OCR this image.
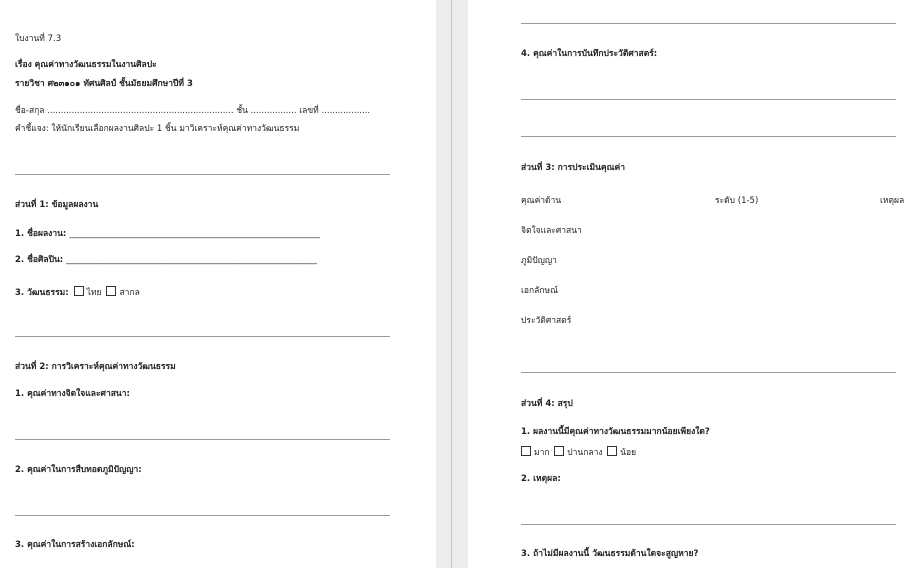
ใบงานที่ 7.3
เรื่อง คุณค่าทางวัฒนธรรมในงานศิลปะ
รายวิชา ศ๒๓๑๐๑ ทัศนศิลป์ ชั้นมัธยมศึกษาปีที่ 3
ชื่อ-สกุล ..................................................................... ชั้น ................. เลขที่ ..................
คำชี้แจง: ให้นักเรียนเลือกผลงานศิลปะ 1 ชิ้น มาวิเคราะห์คุณค่าทางวัฒนธรรม
ส่วนที่ 1: ข้อมูลผลงาน
1. ชื่อผลงาน: ___________________________________________________________
2. ชื่อศิลปิน: ___________________________________________________________
3. วัฒนธรรม: ไทย สากล
ส่วนที่ 2: การวิเคราะห์คุณค่าทางวัฒนธรรม
1. คุณค่าทางจิตใจและศาสนา:
2. คุณค่าในการสืบทอดภูมิปัญญา:
3. คุณค่าในการสร้างเอกลักษณ์:
4. คุณค่าในการบันทึกประวัติศาสตร์:
ส่วนที่ 3: การประเมินคุณค่า
คุณค่าด้าน	ระดับ (1-5)	เหตุผล
จิตใจและศาสนา
ภูมิปัญญา
เอกลักษณ์
ประวัติศาสตร์
ส่วนที่ 4: สรุป
1. ผลงานนี้มีคุณค่าทางวัฒนธรรมมากน้อยเพียงใด?
มาก ปานกลาง น้อย
2. เหตุผล:
3. ถ้าไม่มีผลงานนี้ วัฒนธรรมด้านใดจะสูญหาย?
